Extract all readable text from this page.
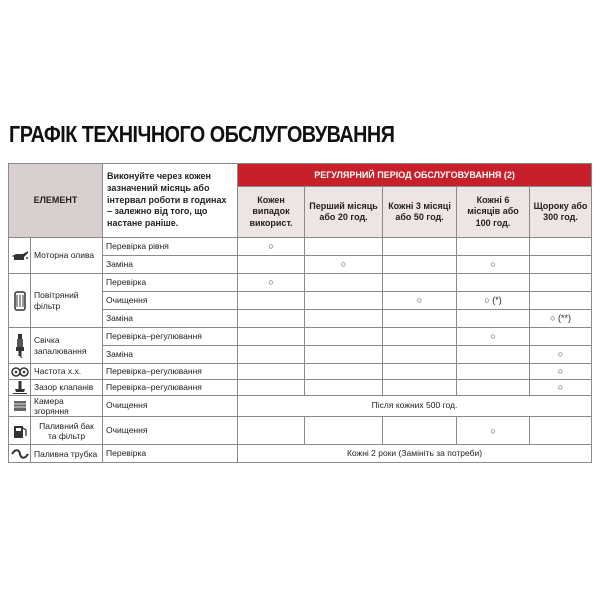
ГРАФІК ТЕХНІЧНОГО ОБСЛУГОВУВАННЯ
ЕЛЕМЕНТ		Виконуйте через кожен зазначений місяць або інтервал роботи в годинах – залежно від того, що настане раніше.	РЕГУЛЯРНИЙ ПЕРІОД ОБСЛУГОВУВАННЯ (2)				
			Кожен випадок використ.	Перший місяць або 20 год.	Кожні 3 місяці або 50 год.	Кожні 6 місяців або 100 год.	Щороку або 300 год.

	Моторна олива	Перевірка рівня	○				
		Заміна		○		○	

	Повітряний фільтр	Перевірка	○				
		Очищення			○	○ (*)	
		Заміна					○ (**)

	Свічка запалювання	Перевірка–регулювання				○	
		Заміна					○

	Частота х.х.	Перевірка–регулювання					○

	Зазор клапанів	Перевірка–регулювання					○

	Камера згоряння	Очищення	Після кожних 500 год.				

	Паливний бак та фільтр	Очищення				○	

	Паливна трубка	Перевірка	Кожні 2 роки (Замініть за потреби)				
